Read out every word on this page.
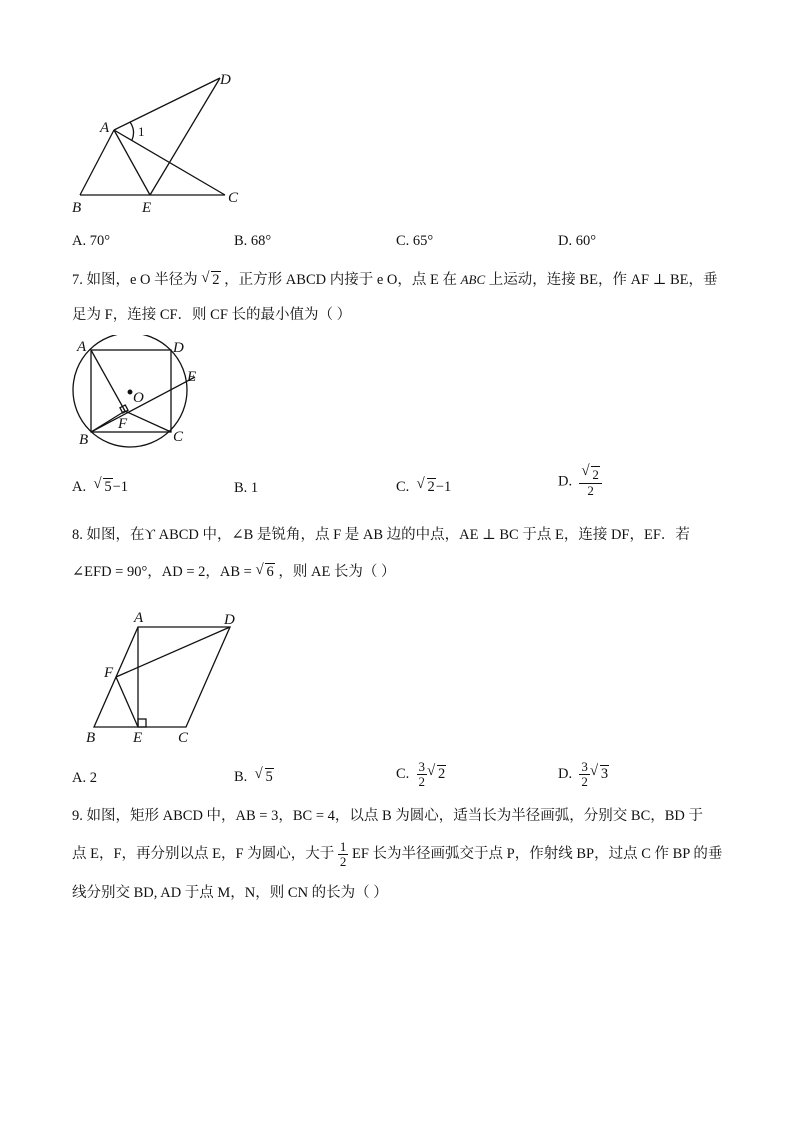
A
B	E
C
D
1
A. 70°	B. 68°	C. 65°	D. 60°
7. 如图，e O 半径为 √ 2 ，正方形 ABCD 内接于 e O，点 E 在 ABC 上运动，连接 BE，作 AF ⊥ BE，垂
足为 F，连接 CF．则 CF 长的最小值为（ ）
A	D
E
O
F
B	C
A. √ 5−1	B. 1	C. √ 2−1	D. √ $\frac{2}{2}$
8. 如图，在ϒ ABCD 中，∠B 是锐角，点 F 是 AB 边的中点，AE ⊥ BC 于点 E，连接 DF，EF．若
∠EFD = 90°，AD = 2，AB = √ 6 ，则 AE 长为（ ）
A	D
F
B	E C
A. 2	B. √ 5	C. $\frac{3}{2}$ √ 2	D. $\frac{3}{2}$ √ 3
9. 如图，矩形 ABCD 中，AB = 3，BC = 4，以点 B 为圆心，适当长为半径画弧，分别交 BC，BD 于
点 E，F，再分别以点 E，F 为圆心，大于 $\frac{1}{2}$ EF 长为半径画弧交于点 P，作射线 BP，过点 C 作 BP 的垂
线分别交 BD, AD 于点 M，N，则 CN 的长为（ ）
